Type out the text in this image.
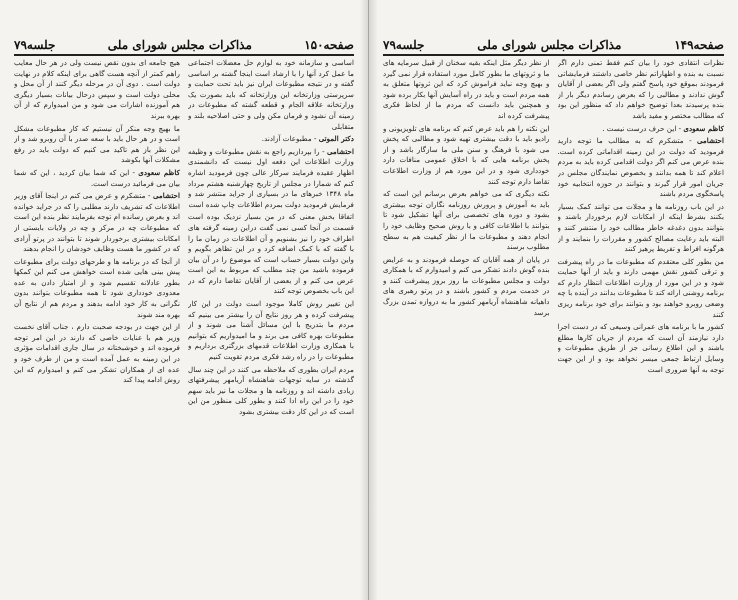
صفحه۱۵۰
مذاکرات مجلس شورای ملی
جلسه۷۹

اساسی و سازمانه خود به لوازم حل معضلات اجتماعی ما عمل کرد آنها را با ارشاد است اینجا گشته بر اساسی گفته و در نتیجه مطبوعات ایران نیز باید تحت حمایت و سرپرستی وزارتخانه این وزارتخانه که باید بصورت یک وزارتخانه علاقه الجام و قطعه گشته که مطبوعات در زمینه آن نشود و فرمان مکن ولی و حتی اصلاحیه بلند و متقابلی

دکتر الموتی - مطبوعات آزادند.

احتشامی - را بپردازیم راجع به نقش مطبوعات و وظیفه وزارت اطلاعات این دفعه اول نیست که دانشمندی اظهار عقیده فرمایند سرکار عالی چون فرمودید اشاره کنم که شمارا در مجلس از تاریخ چهارشنبه هشتم مرداد ماه ۱۳۴۸ خبرهای ما در بسیاری از جراید منتشر شد و فرمایش فرمودید دولت بمردم اطلاعات چاپ شده است

اتفاقا بخش معنی که در من بسیار نزدیک بوده است قسمت در آنجا کسی نمی گفت دراین زمینه گرفته های اطراف خود را نیز بشنویم و آن اطلاعات در زمان ما را با گفته که با کمک اضافه کرد و در این تظاهر بگویم و واین دولت بسیار حساب است که موضوع را در آن بیان فرموده باشید من چند مطلب که مربوط به این است عرض می کنم و از بعضی از آقایان تقاضا دارم که در این باب بخصوص توجه کنند

این تغییر روش کاملا موجود است دولت در این کار پیشرفت کرده و هر روز نتایج آن را بیشتر می بینیم که مردم ما بتدریج با این مسائل آشنا می شوند و از مطبوعات بهره کافی می برند و ما امیدواریم که بتوانیم با همکاری وزارت اطلاعات قدمهای بزرگتری برداریم و مطبوعات را در راه رشد فکری مردم تقویت کنیم

مردم ایران بطوری که ملاحظه می کنند در این چند سال گذشته در سایه توجهات شاهنشاه آریامهر پیشرفتهای زیادی داشته اند و روزنامه ها و مجلات ما نیز باید سهم خود را در این راه ادا کنند و بطور کلی منظور من این است که در این کار دقت بیشتری بشود

هیچ جامعه ای بدون نقص نیست ولی در هر حال معایب راهم کمتر از آنچه هست گاهی برای اینکه کلام در نهایت دولت است . دوی آن در مرحله دیگر کنند از آن محل و محلی دولت است و سپس درحال بیانات بسیار دیگری هم آموزنده اشارات می شود و من امیدوارم که از آن بهره ببرند

ما بهیچ وجه منکر آن نیستیم که کار مطبوعات مشکل است و در هر حال باید با سعه صدر با آن روبرو شد و از این نظر باز هم تاکید می کنیم که دولت باید در رفع مشکلات آنها بکوشد

کاظم سعودی - این که شما بیان کردید ، این که شما بیان می فرمائید درست است.

احتشامی - متشکرم و عرض می کنم در اینجا آقای وزیر اطلاعات که تشریف دارند مطلبی را که در جراید خوانده اند و بعرض رسانده ام توجه بفرمایند نظر بنده این است که مطبوعات چه در مرکز و چه در ولایات بایستی از امکانات بیشتری برخوردار شوند تا بتوانند در پرتو آزادی که در کشور ما هست وظایف خودشان را انجام بدهند

از آنجا که در برنامه ها و طرحهای دولت برای مطبوعات پیش بینی هایی شده است خواهش می کنم این کمکها بطور عادلانه تقسیم شود و از امتیاز دادن به عده معدودی خودداری شود تا همه مطبوعات بتوانند بدون نگرانی به کار خود ادامه بدهند و مردم هم از نتایج آن بهره مند شوند

از این جهت در بودجه صحبت دارم ، جناب آقای نخست وزیر هم با عنایات خاصی که دارند در این امر توجه فرموده اند و خوشبختانه در سال جاری اقدامات مؤثری در این زمینه به عمل آمده است و من از طرف خود و عده ای از همکاران تشکر می کنم و امیدوارم که این روش ادامه پیدا کند

صفحه۱۴۹
مذاکرات مجلس شورای ملی
جلسه۷۹

نظرات انتقادی خود را بیان کنم فقط تمنی دارم اگر نسبت به بنده و اظهاراتم نظر خاصی داشتند فرمایشاتی فرمودند بموقع خود پاسخ گفتم ولی اگر بعضی از آقایان گوش ندادند و مطالبی را که بعرض رساندم دیگر بار از بنده پرسیدند بعدا توضیح خواهم داد که منظور این بود که مطالب مختصر و مفید باشد

کاظم سعودی - این حرف درست نیست .

احتشامی - متشکرم که به مطالب ما توجه دارید فرمودید که دولت در این زمینه اقداماتی کرده است. بنده عرض می کنم اگر دولت اقدامی کرده باید به مردم اعلام کند تا همه بدانند و بخصوص نمایندگان مجلس در جریان امور قرار گیرند و بتوانند در حوزه انتخابیه خود پاسخگوی مردم باشند

در این باب روزنامه ها و مجلات می توانند کمک بسیار بکنند بشرط اینکه از امکانات لازم برخوردار باشند و بتوانند بدون دغدغه خاطر مطالب خود را منتشر کنند و البته باید رعایت مصالح کشور و مقررات را بنمایند و از هرگونه افراط و تفریط پرهیز کنند

من بطور کلی معتقدم که مطبوعات ما در راه پیشرفت و ترقی کشور نقش مهمی دارند و باید از آنها حمایت شود و در این مورد از وزارت اطلاعات انتظار دارم که برنامه روشنی ارائه کند تا مطبوعات بدانند در آینده با چه وضعی روبرو خواهند بود و بتوانند برای خود برنامه ریزی کنند

کشور ما با برنامه های عمرانی وسیعی که در دست اجرا دارد نیازمند آن است که مردم از جریان کارها مطلع باشند و این اطلاع رسانی جز از طریق مطبوعات و وسایل ارتباط جمعی میسر نخواهد بود و از این جهت توجه به آنها ضروری است

از نظر دیگر مثل اینکه بقیه سخنان از قبیل سرمایه های ما و ثروتهای ما بطور کامل مورد استفاده قرار نمی گیرد و بهیچ وجه نباید فراموش کرد که این ثروتها متعلق به همه مردم است و باید در راه آسایش آنها بکار برده شود و همچنین باید دانست که مردم ما از لحاظ فکری پیشرفت کرده اند

این نکته را هم باید عرض کنم که برنامه های تلویزیونی و رادیو باید با دقت بیشتری تهیه شود و مطالبی که پخش می شود با فرهنگ و سنن ملی ما سازگار باشد و از پخش برنامه هایی که با اخلاق عمومی منافات دارد خودداری شود و در این مورد هم از وزارت اطلاعات تقاضا دارم توجه کنند

نکته دیگری که می خواهم بعرض برسانم این است که باید به آموزش و پرورش روزنامه نگاران توجه بیشتری بشود و دوره های تخصصی برای آنها تشکیل شود تا بتوانند با اطلاعات کافی و با روش صحیح وظایف خود را انجام دهند و مطبوعات ما از نظر کیفیت هم به سطح مطلوب برسند

در پایان از همه آقایان که حوصله فرمودند و به عرایض بنده گوش دادند تشکر می کنم و امیدوارم که با همکاری دولت و مجلس مطبوعات ما روز بروز پیشرفت کنند و در خدمت مردم و کشور باشند و در پرتو رهبری های داهیانه شاهنشاه آریامهر کشور ما به دروازه تمدن بزرگ برسد
